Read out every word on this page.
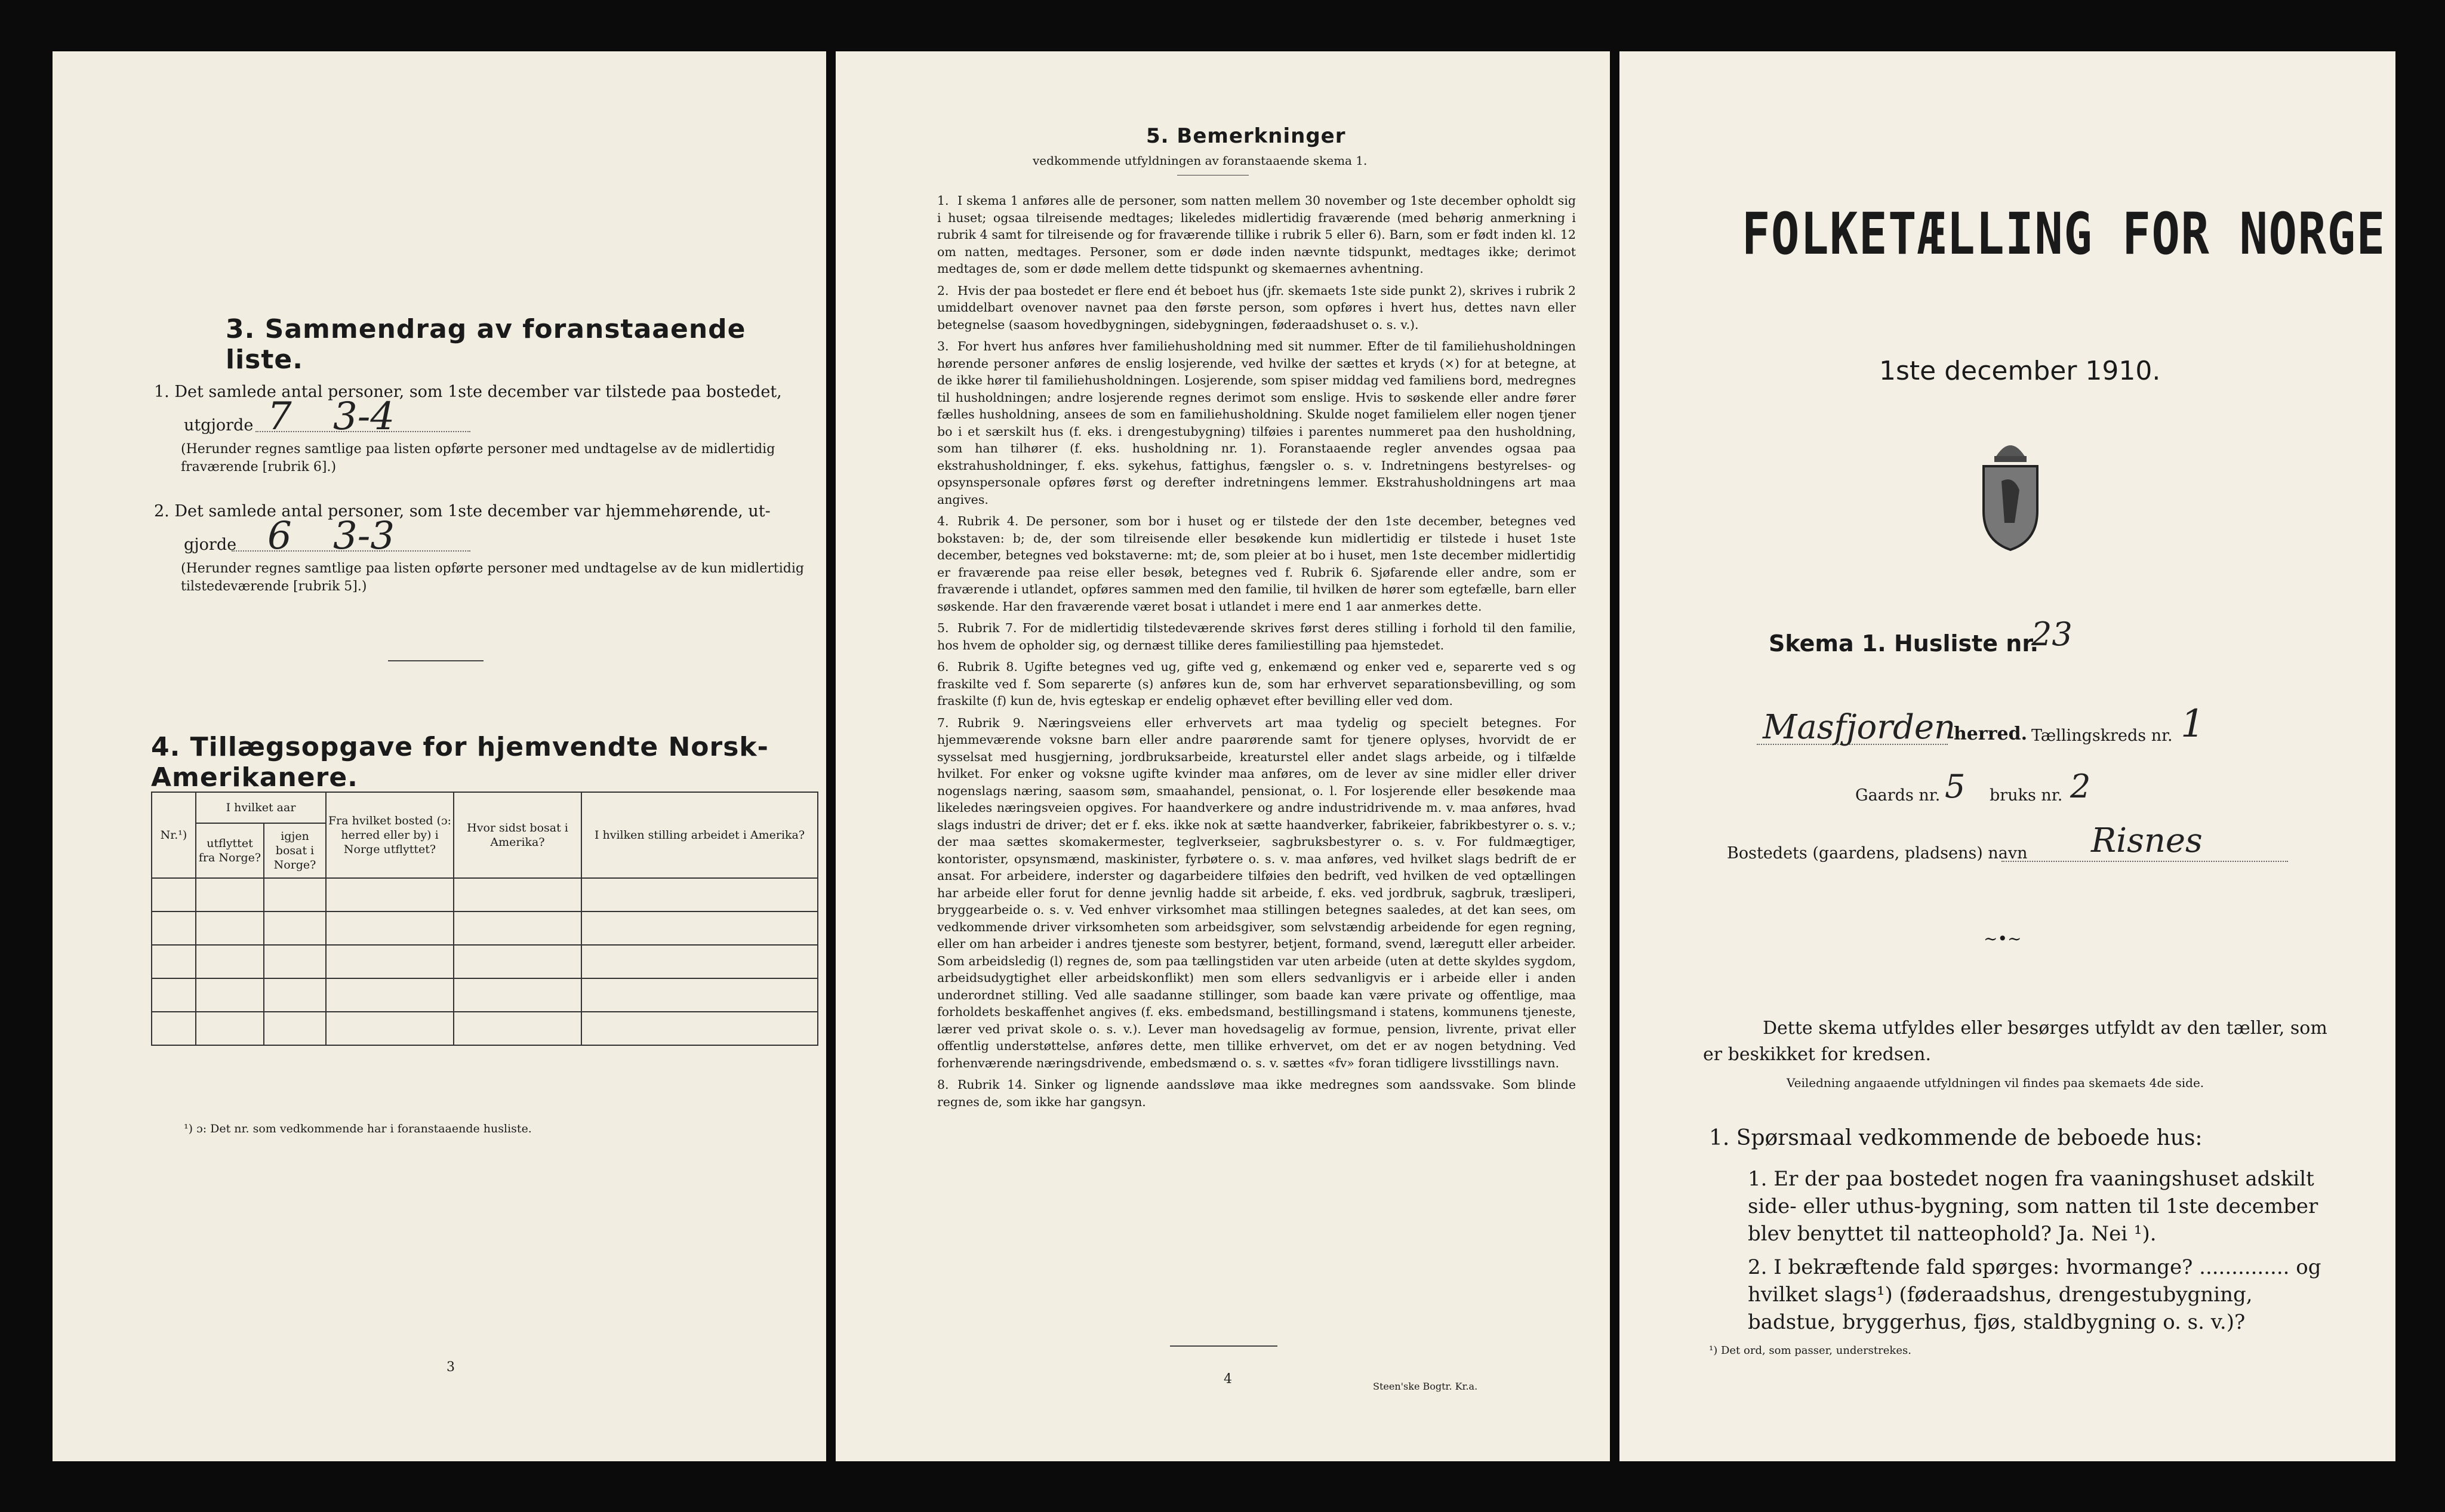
3. Sammendrag av foranstaaende liste.
1. Det samlede antal personer, som 1ste december var tilstede paa bostedet,
utgjorde 7 3-4
(Herunder regnes samtlige paa listen opførte personer med undtagelse av de midlertidig fraværende [rubrik 6].)
2. Det samlede antal personer, som 1ste december var hjemmehørende, ut-
gjorde 6 3-3
(Herunder regnes samtlige paa listen opførte personer med undtagelse av de kun midlertidig tilstedeværende [rubrik 5].)
4. Tillægsopgave for hjemvendte Norsk-Amerikanere.
Nr.¹)	I hvilket aar		Fra hvilket bosted (ɔ: herred eller by) i Norge utflyttet?	Hvor sidst bosat i Amerika?	I hvilken stilling arbeidet i Amerika?
	utflyttet fra Norge?	igjen bosat i Norge?			

¹) ɔ: Det nr. som vedkommende har i foranstaaende husliste.
3
5. Bemerkninger
vedkommende utfyldningen av foranstaaende skema 1.

1. I skema 1 anføres alle de personer, som natten mellem 30 november og 1ste december opholdt sig i huset; ogsaa tilreisende medtages; likeledes midlertidig fraværende (med behørig anmerkning i rubrik 4 samt for tilreisende og for fraværende tillike i rubrik 5 eller 6). Barn, som er født inden kl. 12 om natten, medtages. Personer, som er døde inden nævnte tidspunkt, medtages ikke; derimot medtages de, som er døde mellem dette tidspunkt og skemaernes avhentning.

2. Hvis der paa bostedet er flere end ét beboet hus (jfr. skemaets 1ste side punkt 2), skrives i rubrik 2 umiddelbart ovenover navnet paa den første person, som opføres i hvert hus, dettes navn eller betegnelse (saasom hovedbygningen, sidebygningen, føderaadshuset o. s. v.).

3. For hvert hus anføres hver familiehusholdning med sit nummer. Efter de til familiehusholdningen hørende personer anføres de enslig losjerende, ved hvilke der sættes et kryds (×) for at betegne, at de ikke hører til familiehusholdningen. Losjerende, som spiser middag ved familiens bord, medregnes til husholdningen; andre losjerende regnes derimot som enslige. Hvis to søskende eller andre fører fælles husholdning, ansees de som en familiehusholdning. Skulde noget familielem eller nogen tjener bo i et særskilt hus (f. eks. i drengestubygning) tilføies i parentes nummeret paa den husholdning, som han tilhører (f. eks. husholdning nr. 1). Foranstaaende regler anvendes ogsaa paa ekstrahusholdninger, f. eks. sykehus, fattighus, fængsler o. s. v. Indretningens bestyrelses- og opsynspersonale opføres først og derefter indretningens lemmer. Ekstrahusholdningens art maa angives.

4. Rubrik 4. De personer, som bor i huset og er tilstede der den 1ste december, betegnes ved bokstaven: b; de, der som tilreisende eller besøkende kun midlertidig er tilstede i huset 1ste december, betegnes ved bokstaverne: mt; de, som pleier at bo i huset, men 1ste december midlertidig er fraværende paa reise eller besøk, betegnes ved f. Rubrik 6. Sjøfarende eller andre, som er fraværende i utlandet, opføres sammen med den familie, til hvilken de hører som egtefælle, barn eller søskende. Har den fraværende været bosat i utlandet i mere end 1 aar anmerkes dette.

5. Rubrik 7. For de midlertidig tilstedeværende skrives først deres stilling i forhold til den familie, hos hvem de opholder sig, og dernæst tillike deres familiestilling paa hjemstedet.

6. Rubrik 8. Ugifte betegnes ved ug, gifte ved g, enkemænd og enker ved e, separerte ved s og fraskilte ved f. Som separerte (s) anføres kun de, som har erhvervet separationsbevilling, og som fraskilte (f) kun de, hvis egteskap er endelig ophævet efter bevilling eller ved dom.

7. Rubrik 9. Næringsveiens eller erhvervets art maa tydelig og specielt betegnes. For hjemmeværende voksne barn eller andre paarørende samt for tjenere oplyses, hvorvidt de er sysselsat med husgjerning, jordbruksarbeide, kreaturstel eller andet slags arbeide, og i tilfælde hvilket. For enker og voksne ugifte kvinder maa anføres, om de lever av sine midler eller driver nogenslags næring, saasom søm, smaahandel, pensionat, o. l. For losjerende eller besøkende maa likeledes næringsveien opgives. For haandverkere og andre industridrivende m. v. maa anføres, hvad slags industri de driver; det er f. eks. ikke nok at sætte haandverker, fabrikeier, fabrikbestyrer o. s. v.; der maa sættes skomakermester, teglverkseier, sagbruksbestyrer o. s. v. For fuldmægtiger, kontorister, opsynsmænd, maskinister, fyrbøtere o. s. v. maa anføres, ved hvilket slags bedrift de er ansat. For arbeidere, inderster og dagarbeidere tilføies den bedrift, ved hvilken de ved optællingen har arbeide eller forut for denne jevnlig hadde sit arbeide, f. eks. ved jordbruk, sagbruk, træsliperi, bryggearbeide o. s. v. Ved enhver virksomhet maa stillingen betegnes saaledes, at det kan sees, om vedkommende driver virksomheten som arbeidsgiver, som selvstændig arbeidende for egen regning, eller om han arbeider i andres tjeneste som bestyrer, betjent, formand, svend, læregutt eller arbeider. Som arbeidsledig (l) regnes de, som paa tællingstiden var uten arbeide (uten at dette skyldes sygdom, arbeidsudygtighet eller arbeidskonflikt) men som ellers sedvanligvis er i arbeide eller i anden underordnet stilling. Ved alle saadanne stillinger, som baade kan være private og offentlige, maa forholdets beskaffenhet angives (f. eks. embedsmand, bestillingsmand i statens, kommunens tjeneste, lærer ved privat skole o. s. v.). Lever man hovedsagelig av formue, pension, livrente, privat eller offentlig understøttelse, anføres dette, men tillike erhvervet, om det er av nogen betydning. Ved forhenværende næringsdrivende, embedsmænd o. s. v. sættes «fv» foran tidligere livsstillings navn.

8. Rubrik 14. Sinker og lignende aandssløve maa ikke medregnes som aandssvake. Som blinde regnes de, som ikke har gangsyn.

4	Steen'ske Bogtr. Kr.a.
FOLKETÆLLING FOR NORGE
1ste december 1910.
Skema 1. Husliste nr.
23
Masfjorden
herred. Tællingskreds nr. 1
Gaards nr. 5 bruks nr. 2
Bostedets (gaardens, pladsens) navn Risnes
~•~
Dette skema utfyldes eller besørges utfyldt av den tæller, som er beskikket for kredsen.
Veiledning angaaende utfyldningen vil findes paa skemaets 4de side.
1. Spørsmaal vedkommende de beboede hus:

1. Er der paa bostedet nogen fra vaaningshuset adskilt side- eller uthus-bygning, som natten til 1ste december blev benyttet til natteophold? Ja. Nei ¹).

2. I bekræftende fald spørges: hvormange? .............. og hvilket slags¹) (føderaadshus, drengestubygning, badstue, bryggerhus, fjøs, staldbygning o. s. v.)?

¹) Det ord, som passer, understrekes.
